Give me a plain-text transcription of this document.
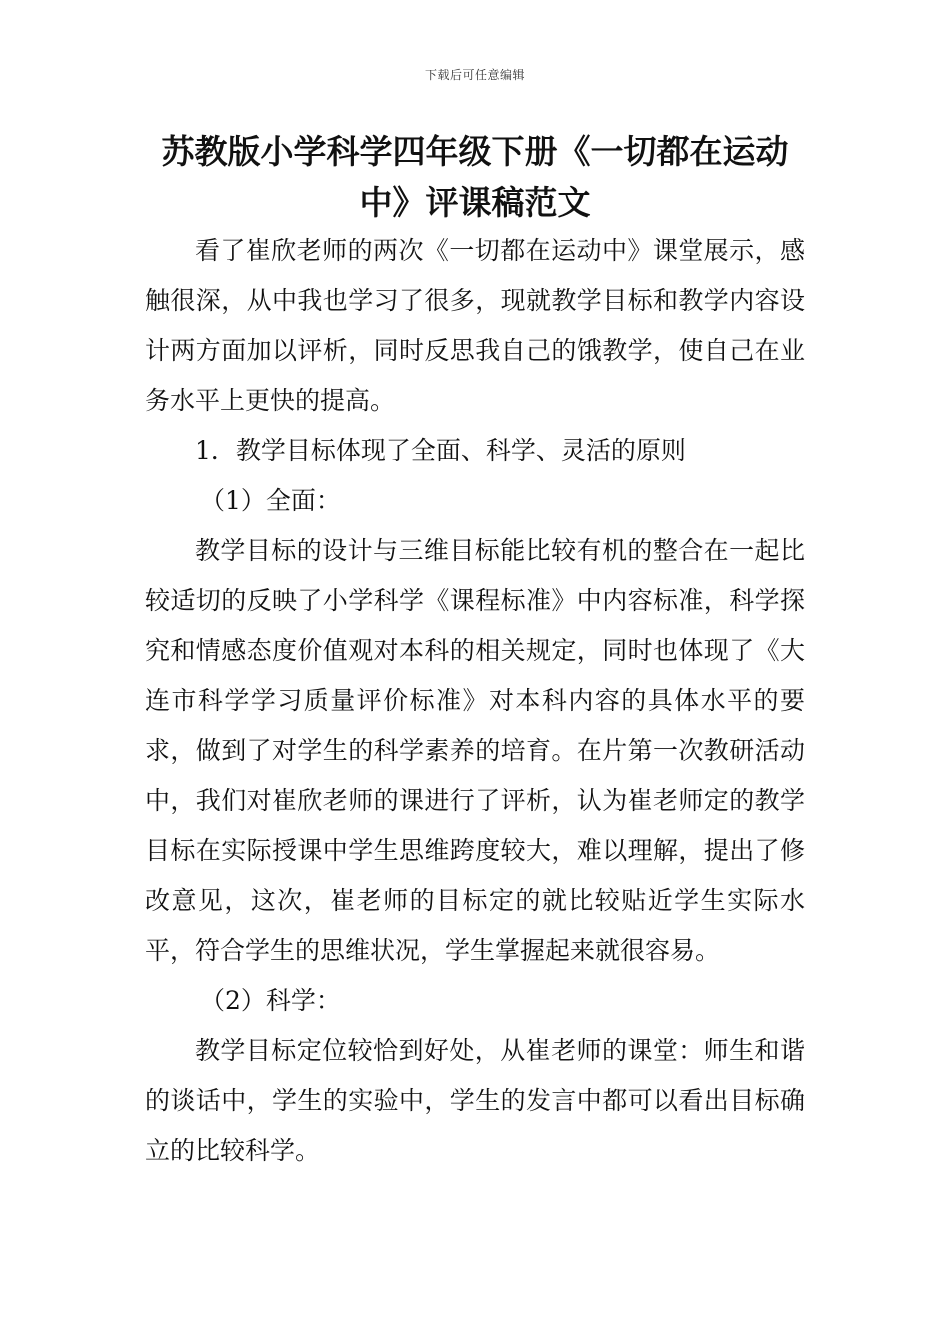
下载后可任意编辑
苏教版小学科学四年级下册《一切都在运动中》评课稿范文

看了崔欣老师的两次《一切都在运动中》课堂展示，感触很深，从中我也学习了很多，现就教学目标和教学内容设计两方面加以评析，同时反思我自己的饿教学，使自己在业务水平上更快的提高。

1．教学目标体现了全面、科学、灵活的原则

（1）全面：

教学目标的设计与三维目标能比较有机的整合在一起比较适切的反映了小学科学《课程标准》中内容标准，科学探究和情感态度价值观对本科的相关规定，同时也体现了《大连市科学学习质量评价标准》对本科内容的具体水平的要求，做到了对学生的科学素养的培育。在片第一次教研活动中，我们对崔欣老师的课进行了评析，认为崔老师定的教学目标在实际授课中学生思维跨度较大，难以理解，提出了修改意见，这次，崔老师的目标定的就比较贴近学生实际水平，符合学生的思维状况，学生掌握起来就很容易。

（2）科学：

教学目标定位较恰到好处，从崔老师的课堂：师生和谐的谈话中，学生的实验中，学生的发言中都可以看出目标确立的比较科学。
